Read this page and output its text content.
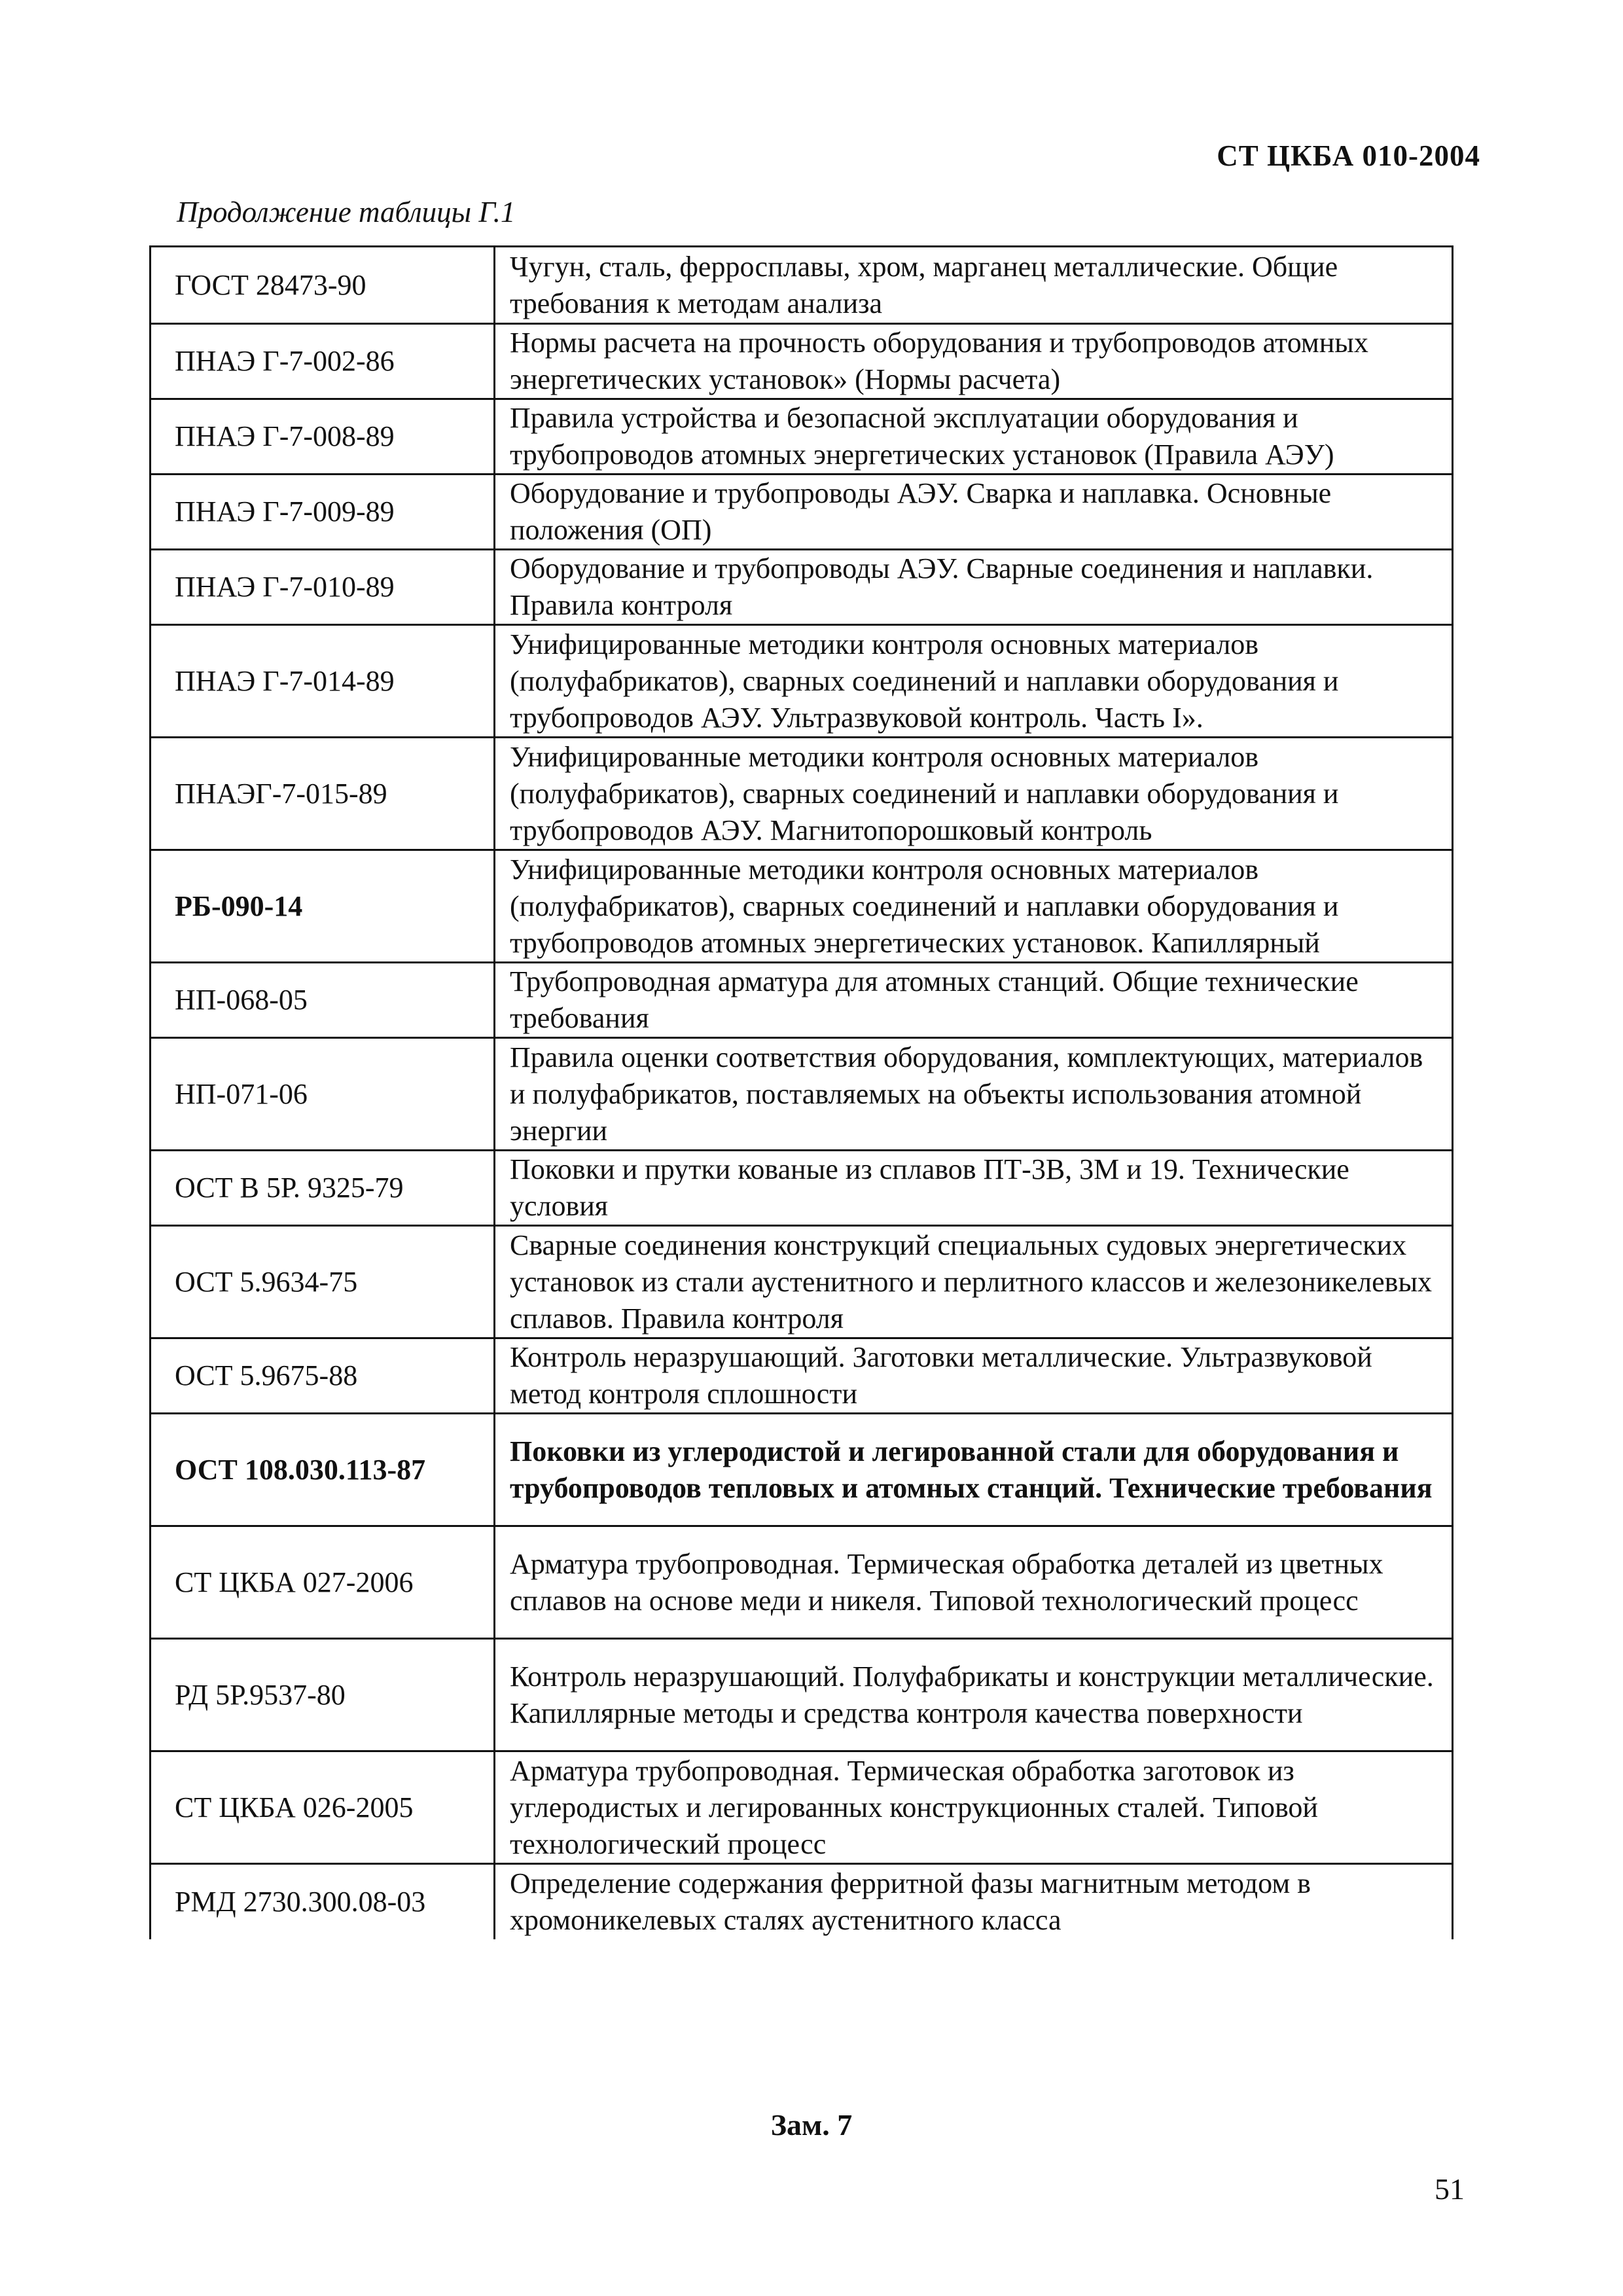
СТ ЦКБА 010-2004
Продолжение таблицы Г.1
ГОСТ 28473-90	Чугун, сталь, ферросплавы, хром, марганец металлические. Общие требования к методам анализа
ПНАЭ Г-7-002-86	Нормы расчета на прочность оборудования и трубопроводов атомных энергетических установок» (Нормы расчета)
ПНАЭ Г-7-008-89	Правила устройства и безопасной эксплуатации оборудования и трубопроводов атомных энергетических установок (Правила АЭУ)
ПНАЭ Г-7-009-89	Оборудование и трубопроводы АЭУ. Сварка и наплавка. Основные положения (ОП)
ПНАЭ Г-7-010-89	Оборудование и трубопроводы АЭУ. Сварные соединения и наплавки. Правила контроля
ПНАЭ Г-7-014-89	Унифицированные методики контроля основных материалов (полуфабрикатов), сварных соединений и наплавки оборудования и трубопроводов АЭУ. Ультразвуковой контроль. Часть I».
ПНАЭГ-7-015-89	Унифицированные методики контроля основных материалов (полуфабрикатов), сварных соединений и наплавки оборудования и трубопроводов АЭУ. Магнитопорошковый контроль
РБ-090-14	Унифицированные методики контроля основных материалов (полуфабрикатов), сварных соединений и наплавки оборудования и трубопроводов атомных энергетических установок. Капиллярный
НП-068-05	Трубопроводная арматура для атомных станций. Общие технические требования
НП-071-06	Правила оценки соответствия оборудования, комплектующих, материалов и полуфабрикатов, поставляемых на объекты использования атомной энергии
ОСТ В 5Р. 9325-79	Поковки и прутки кованые из сплавов ПТ-3В, 3М и 19. Технические условия
ОСТ 5.9634-75	Сварные соединения конструкций специальных судовых энергетических установок из стали аустенитного и перлитного классов и железоникелевых сплавов. Правила контроля
ОСТ 5.9675-88	Контроль неразрушающий. Заготовки металлические. Ультразвуковой метод контроля сплошности
ОСТ 108.030.113-87	Поковки из углеродистой и легированной стали для оборудования и трубопроводов тепловых и атомных станций. Технические требования
СТ ЦКБА 027-2006	Арматура трубопроводная. Термическая обработка деталей из цветных сплавов на основе меди и никеля. Типовой технологический процесс
РД 5Р.9537-80	Контроль неразрушающий. Полуфабрикаты и конструкции металлические. Капиллярные методы и средства контроля качества поверхности
СТ ЦКБА 026-2005	Арматура трубопроводная. Термическая обработка заготовок из углеродистых и легированных конструкционных сталей. Типовой технологический процесс
РМД 2730.300.08-03	Определение содержания ферритной фазы магнитным методом в хромоникелевых сталях аустенитного класса
Зам. 7
51
